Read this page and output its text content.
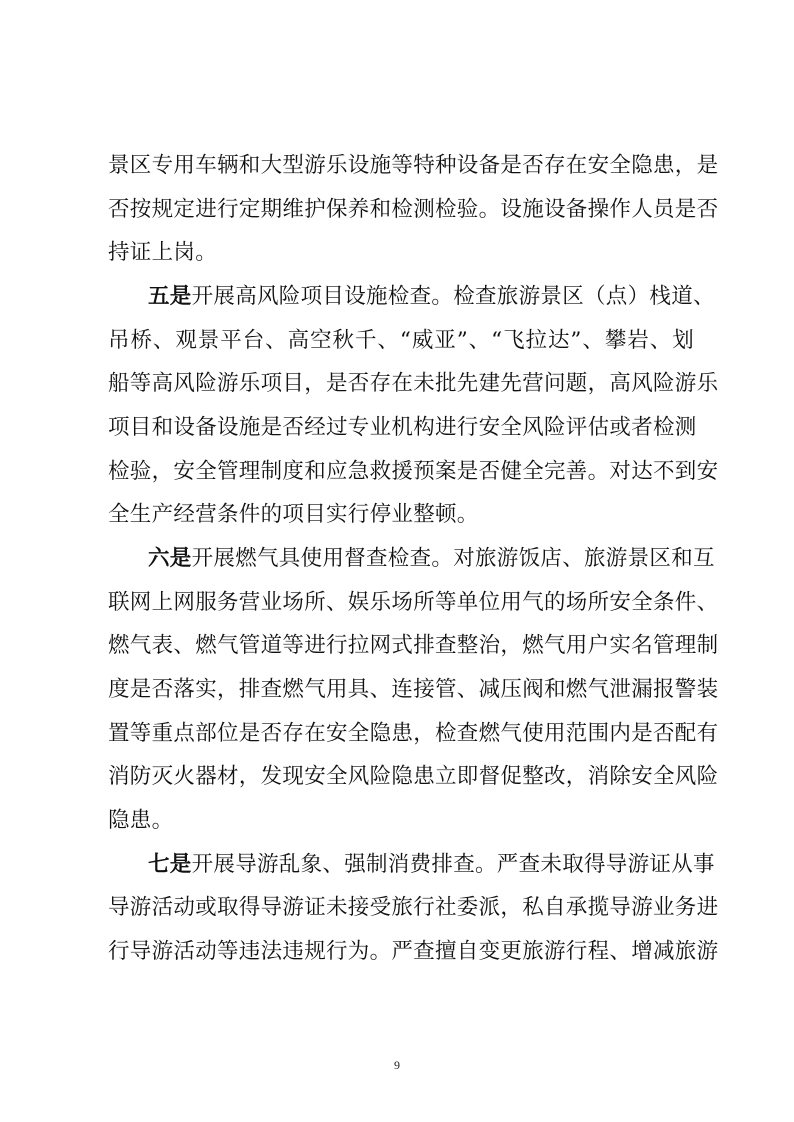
景区专用车辆和大型游乐设施等特种设备是否存在安全隐患，是
否按规定进行定期维护保养和检测检验。设施设备操作人员是否
持证上岗。
五是开展高风险项目设施检查。检查旅游景区（点）栈道、
吊桥、观景平台、高空秋千、“威亚”、“飞拉达”、攀岩、划
船等高风险游乐项目，是否存在未批先建先营问题，高风险游乐
项目和设备设施是否经过专业机构进行安全风险评估或者检测
检验，安全管理制度和应急救援预案是否健全完善。对达不到安
全生产经营条件的项目实行停业整顿。
六是开展燃气具使用督查检查。对旅游饭店、旅游景区和互
联网上网服务营业场所、娱乐场所等单位用气的场所安全条件、
燃气表、燃气管道等进行拉网式排查整治，燃气用户实名管理制
度是否落实，排查燃气用具、连接管、减压阀和燃气泄漏报警装
置等重点部位是否存在安全隐患，检查燃气使用范围内是否配有
消防灭火器材，发现安全风险隐患立即督促整改，消除安全风险
隐患。
七是开展导游乱象、强制消费排查。严查未取得导游证从事
导游活动或取得导游证未接受旅行社委派，私自承揽导游业务进
行导游活动等违法违规行为。严查擅自变更旅游行程、增减旅游
9
